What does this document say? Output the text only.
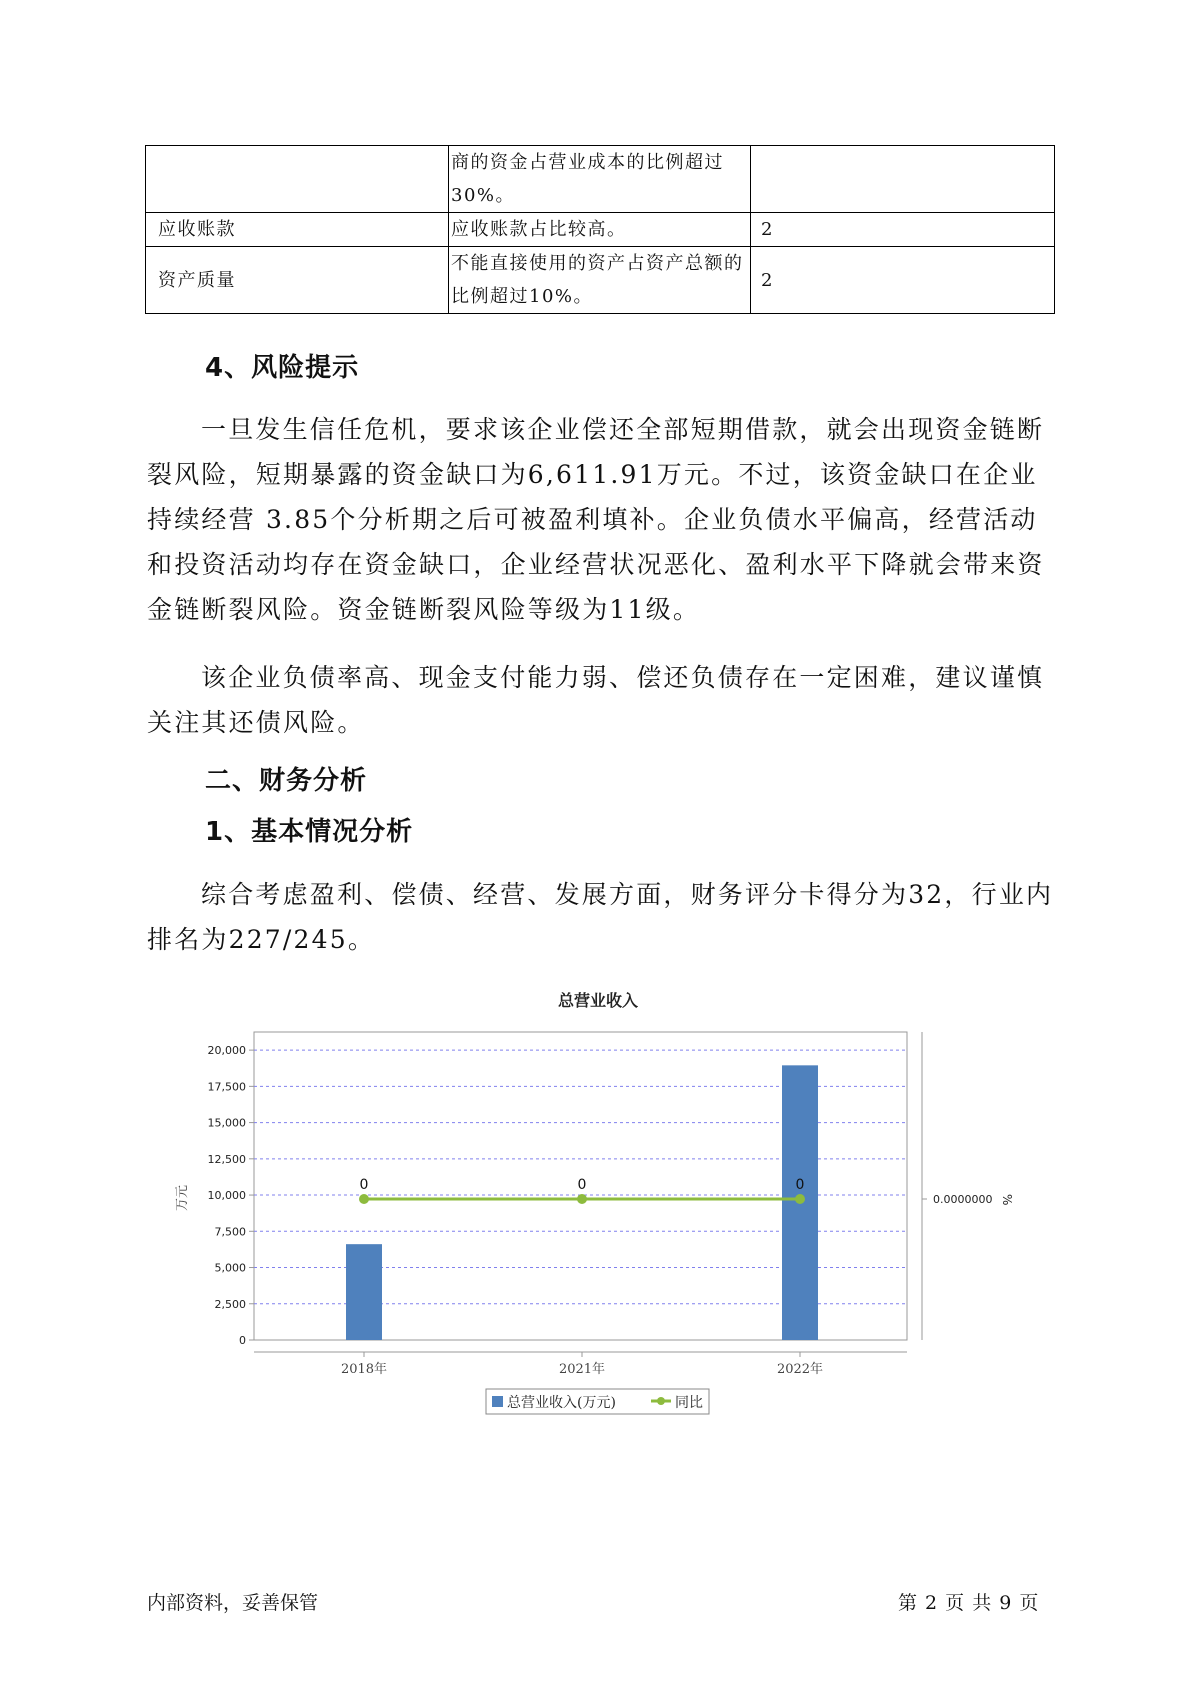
	商的资金占营业成本的比例超过30%。	
应收账款	应收账款占比较高。	2
资产质量	不能直接使用的资产占资产总额的比例超过10%。	2
4、风险提示

一旦发生信任危机，要求该企业偿还全部短期借款，就会出现资金链断裂风险，短期暴露的资金缺口为6,611.91万元。不过，该资金缺口在企业持续经营 3.85个分析期之后可被盈利填补。企业负债水平偏高，经营活动和投资活动均存在资金缺口，企业经营状况恶化、盈利水平下降就会带来资金链断裂风险。资金链断裂风险等级为11级。

该企业负债率高、现金支付能力弱、偿还负债存在一定困难，建议谨慎关注其还债风险。

二、财务分析
1、基本情况分析

综合考虑盈利、偿债、经营、发展方面，财务评分卡得分为32，行业内排名为227/245。

总营业收入
0
2,500
5,000
7,500
10,000
12,500
15,000
17,500
20,000
2018年	2021年	2022年
0	0	0
0.0000000 %
万元
总营业收入(万元)	同比
内部资料，妥善保管	第 2 页 共 9 页
